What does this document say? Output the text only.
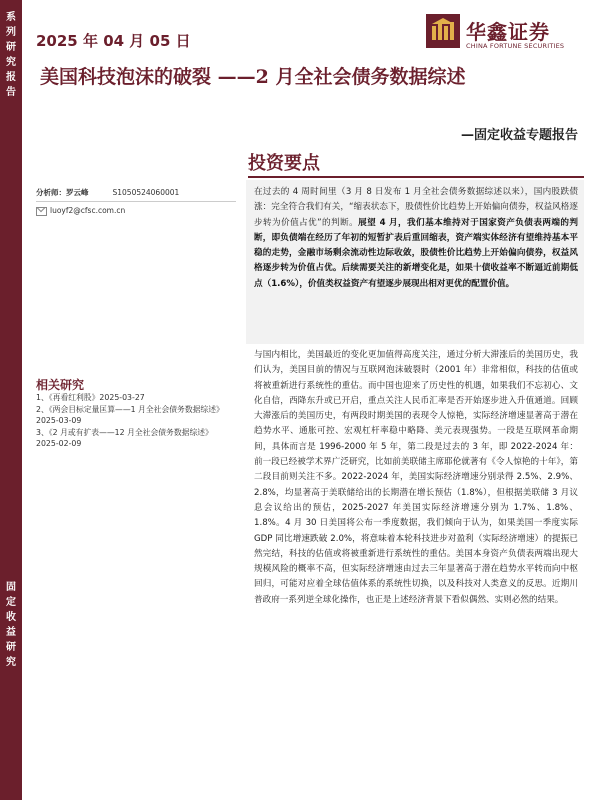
系
列
研
究
报
告
固
定
收
益
研
究
2025 年 04 月 05 日	华鑫证券
CHINA FORTUNE SECURITIES
美国科技泡沫的破裂 ——2 月全社会债务数据综述
—固定收益专题报告
投资要点
分析师：罗云峰	S1050524060001
luoyf2@cfsc.com.cn
相关研究
1、《再看红利股》2025-03-27
2、《两会目标定量匡算——1 月全社会债务数据综述》2025-03-09
3、《2 月或有扩表——12 月全社会债务数据综述》2025-02-09
在过去的 4 周时间里（3 月 8 日发布 1 月全社会债务数据综述以来），国内股跌债涨：完全符合我们有关，“缩表状态下，股债性价比趋势上开始偏向债券，权益风格逐步转为价值占优”的判断。展望 4 月，我们基本维持对于国家资产负债表两端的判断，即负债端在经历了年初的短暂扩表后重回缩表，资产端实体经济有望维持基本平稳的走势，金融市场剩余流动性边际收敛，股债性价比趋势上开始偏向债券，权益风格逐步转为价值占优。后续需要关注的新增变化是，如果十债收益率不断逼近前期低点（1.6%），价值类权益资产有望逐步展现出相对更优的配置价值。
与国内相比，美国最近的变化更加值得高度关注，通过分析大滞涨后的美国历史，我们认为，美国目前的情况与互联网泡沫破裂时（2001 年）非常相似，科技的估值或将被重新进行系统性的重估。而中国也迎来了历史性的机遇，如果我们不忘初心、文化自信，西降东升或已开启，重点关注人民币汇率是否开始逐步进入升值通道。回顾大滞涨后的美国历史，有两段时期美国的表现令人惊艳，实际经济增速显著高于潜在趋势水平、通胀可控、宏观杠杆率稳中略降、美元表现强势。一段是互联网革命期间，具体而言是 1996-2000 年 5 年，第二段是过去的 3 年，即 2022-2024 年：前一段已经被学术界广泛研究，比如前美联储主席耶伦就著有《令人惊艳的十年》，第二段目前则关注不多。2022-2024 年，美国实际经济增速分别录得 2.5%、2.9%、2.8%，均显著高于美联储给出的长期潜在增长预估（1.8%），但根据美联储 3 月议息会议给出的预估，2025-2027 年美国实际经济增速分别为 1.7%、1.8%、1.8%。4 月 30 日美国将公布一季度数据，我们倾向于认为，如果美国一季度实际 GDP 同比增速跌破 2.0%，将意味着本轮科技进步对盈利（实际经济增速）的提振已然完结，科技的估值或将被重新进行系统性的重估。美国本身资产负债表两端出现大规模风险的概率不高，但实际经济增速由过去三年显著高于潜在趋势水平转而向中枢回归，可能对应着全球估值体系的系统性切换，以及科技对人类意义的反思。近期川普政府一系列逆全球化操作，也正是上述经济背景下看似偶然、实则必然的结果。
